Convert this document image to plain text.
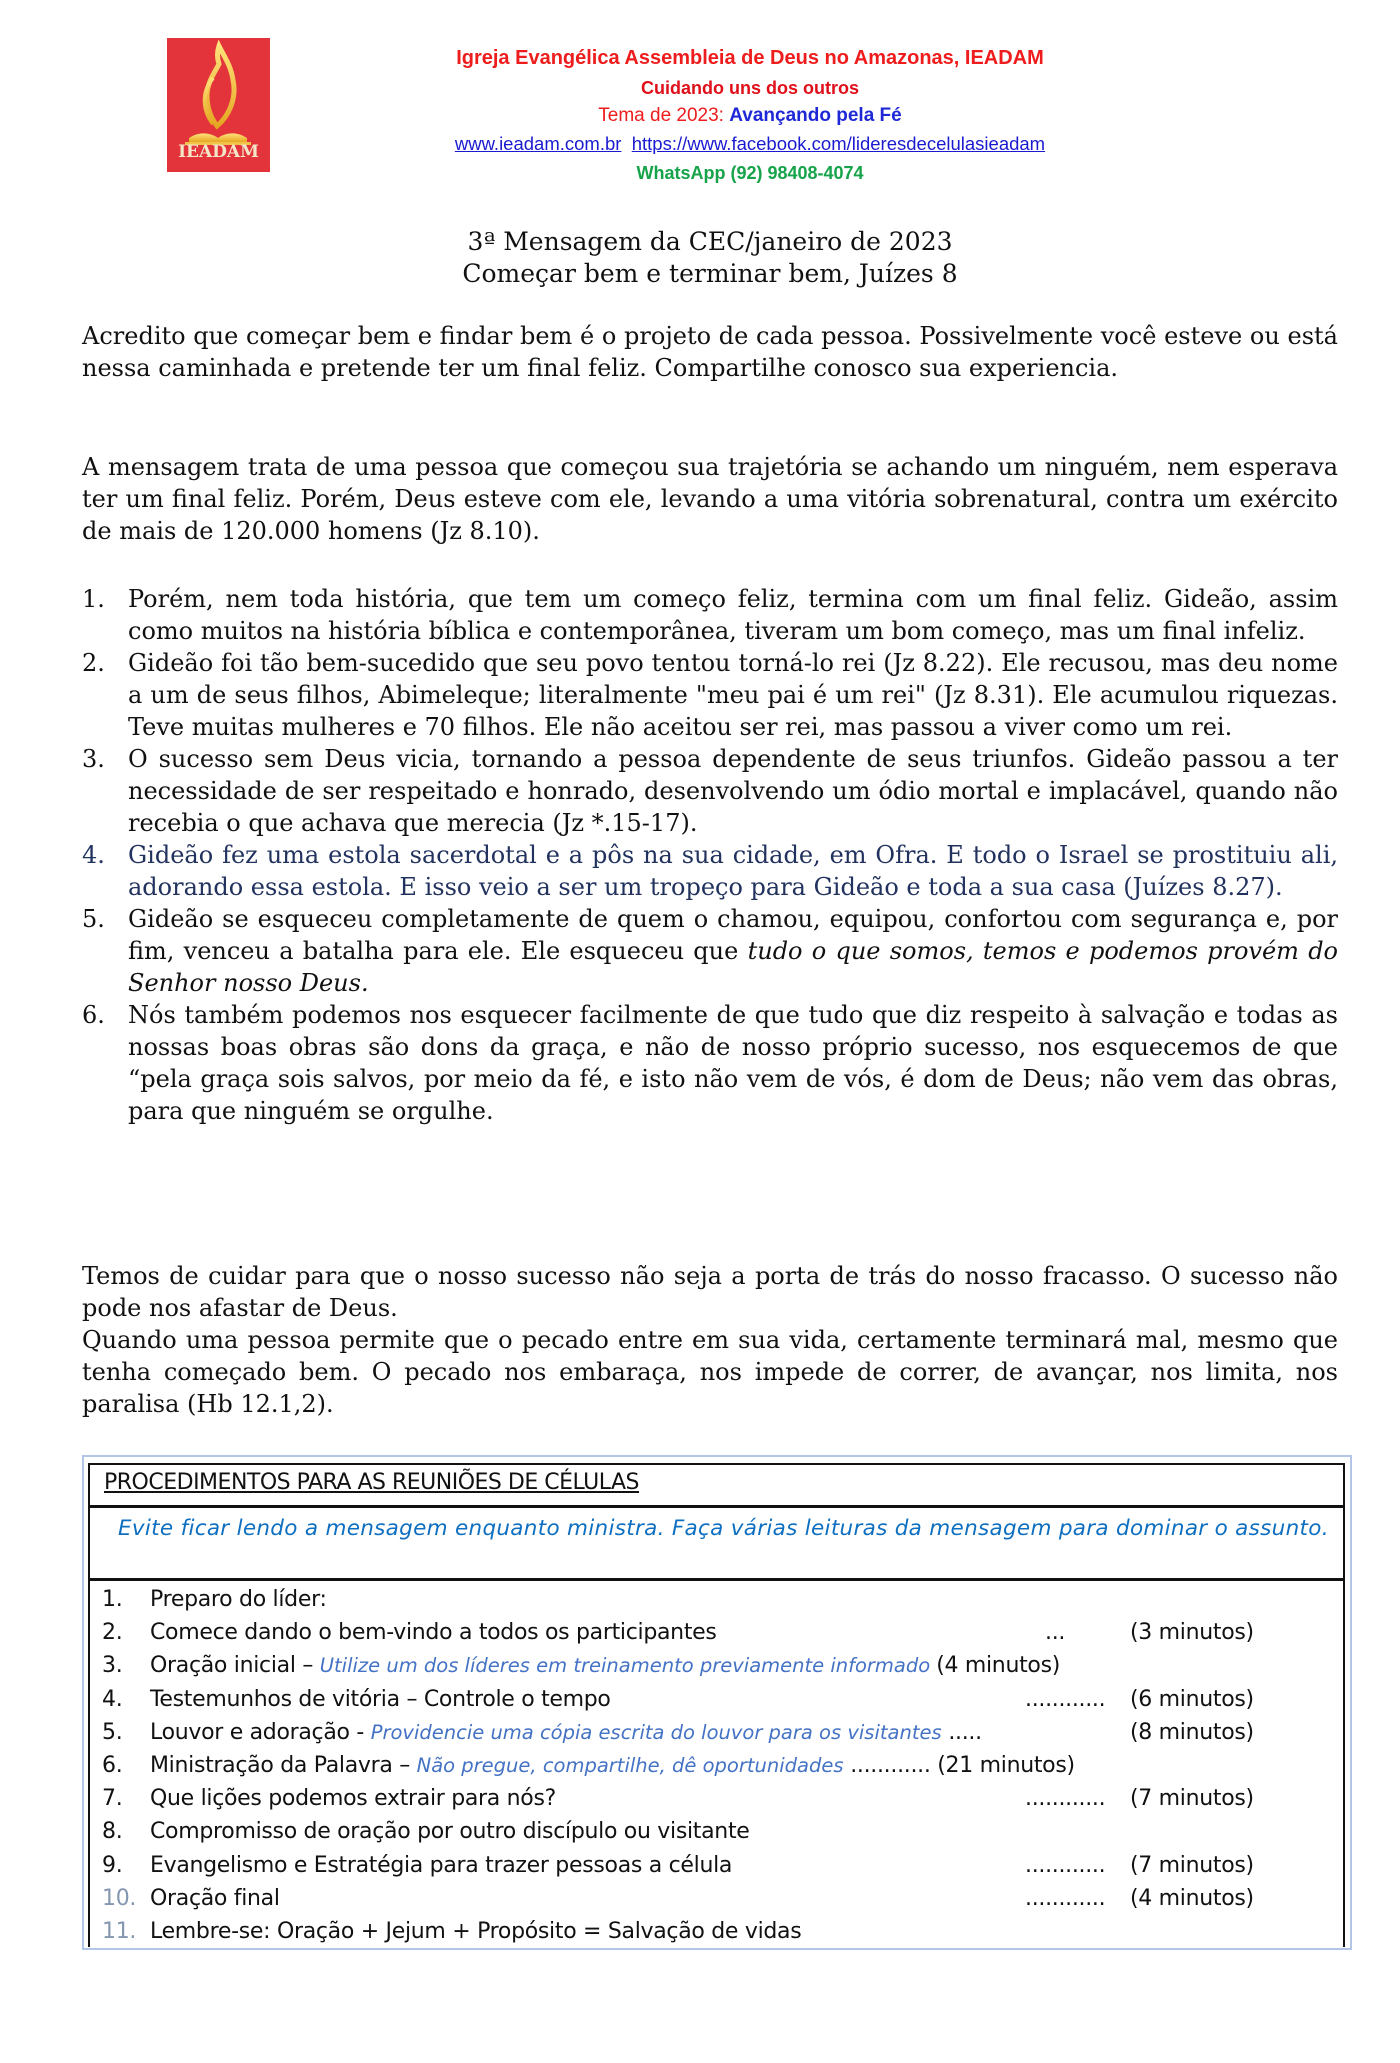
IEADAM
Igreja Evangélica Assembleia de Deus no Amazonas, IEADAM
Cuidando uns dos outros
Tema de 2023: Avançando pela Fé
www.ieadam.com.br https://www.facebook.com/lideresdecelulasieadam
WhatsApp (92) 98408-4074
3ª Mensagem da CEC/janeiro de 2023
Começar bem e terminar bem, Juízes 8
Acredito que começar bem e findar bem é o projeto de cada pessoa. Possivelmente você esteve ou está nessa caminhada e pretende ter um final feliz. Compartilhe conosco sua experiencia.
A mensagem trata de uma pessoa que começou sua trajetória se achando um ninguém, nem esperava ter um final feliz. Porém, Deus esteve com ele, levando a uma vitória sobrenatural, contra um exército de mais de 120.000 homens (Jz 8.10).
1. Porém, nem toda história, que tem um começo feliz, termina com um final feliz. Gideão, assim como muitos na história bíblica e contemporânea, tiveram um bom começo, mas um final infeliz.
2. Gideão foi tão bem-sucedido que seu povo tentou torná-lo rei (Jz 8.22). Ele recusou, mas deu nome a um de seus filhos, Abimeleque; literalmente "meu pai é um rei" (Jz 8.31). Ele acumulou riquezas. Teve muitas mulheres e 70 filhos. Ele não aceitou ser rei, mas passou a viver como um rei.
3. O sucesso sem Deus vicia, tornando a pessoa dependente de seus triunfos. Gideão passou a ter necessidade de ser respeitado e honrado, desenvolvendo um ódio mortal e implacável, quando não recebia o que achava que merecia (Jz *.15-17).
4. Gideão fez uma estola sacerdotal e a pôs na sua cidade, em Ofra. E todo o Israel se prostituiu ali, adorando essa estola. E isso veio a ser um tropeço para Gideão e toda a sua casa (Juízes 8.27).
5. Gideão se esqueceu completamente de quem o chamou, equipou, confortou com segurança e, por fim, venceu a batalha para ele. Ele esqueceu que tudo o que somos, temos e podemos provém do Senhor nosso Deus.
6. Nós também podemos nos esquecer facilmente de que tudo que diz respeito à salvação e todas as nossas boas obras são dons da graça, e não de nosso próprio sucesso, nos esquecemos de que “pela graça sois salvos, por meio da fé, e isto não vem de vós, é dom de Deus; não vem das obras, para que ninguém se orgulhe.
Temos de cuidar para que o nosso sucesso não seja a porta de trás do nosso fracasso. O sucesso não pode nos afastar de Deus.
Quando uma pessoa permite que o pecado entre em sua vida, certamente terminará mal, mesmo que tenha começado bem. O pecado nos embaraça, nos impede de correr, de avançar, nos limita, nos paralisa (Hb 12.1,2).
PROCEDIMENTOS PARA AS REUNIÕES DE CÉLULAS
Evite ficar lendo a mensagem enquanto ministra. Faça várias leituras da mensagem para dominar o assunto.
1. Preparo do líder:
2. Comece dando o bem-vindo a todos os participantes	...	(3 minutos)
3. Oração inicial – Utilize um dos líderes em treinamento previamente informado (4 minutos)
4. Testemunhos de vitória – Controle o tempo	............ (6 minutos)
5. Louvor e adoração - Providencie uma cópia escrita do louvor para os visitantes .....	(8 minutos)
6. Ministração da Palavra – Não pregue, compartilhe, dê oportunidades ............ (21 minutos)
7. Que lições podemos extrair para nós?	............ (7 minutos)
8. Compromisso de oração por outro discípulo ou visitante
9. Evangelismo e Estratégia para trazer pessoas a célula	............ (7 minutos)
10. Oração final	............ (4 minutos)
11. Lembre-se: Oração + Jejum + Propósito = Salvação de vidas
